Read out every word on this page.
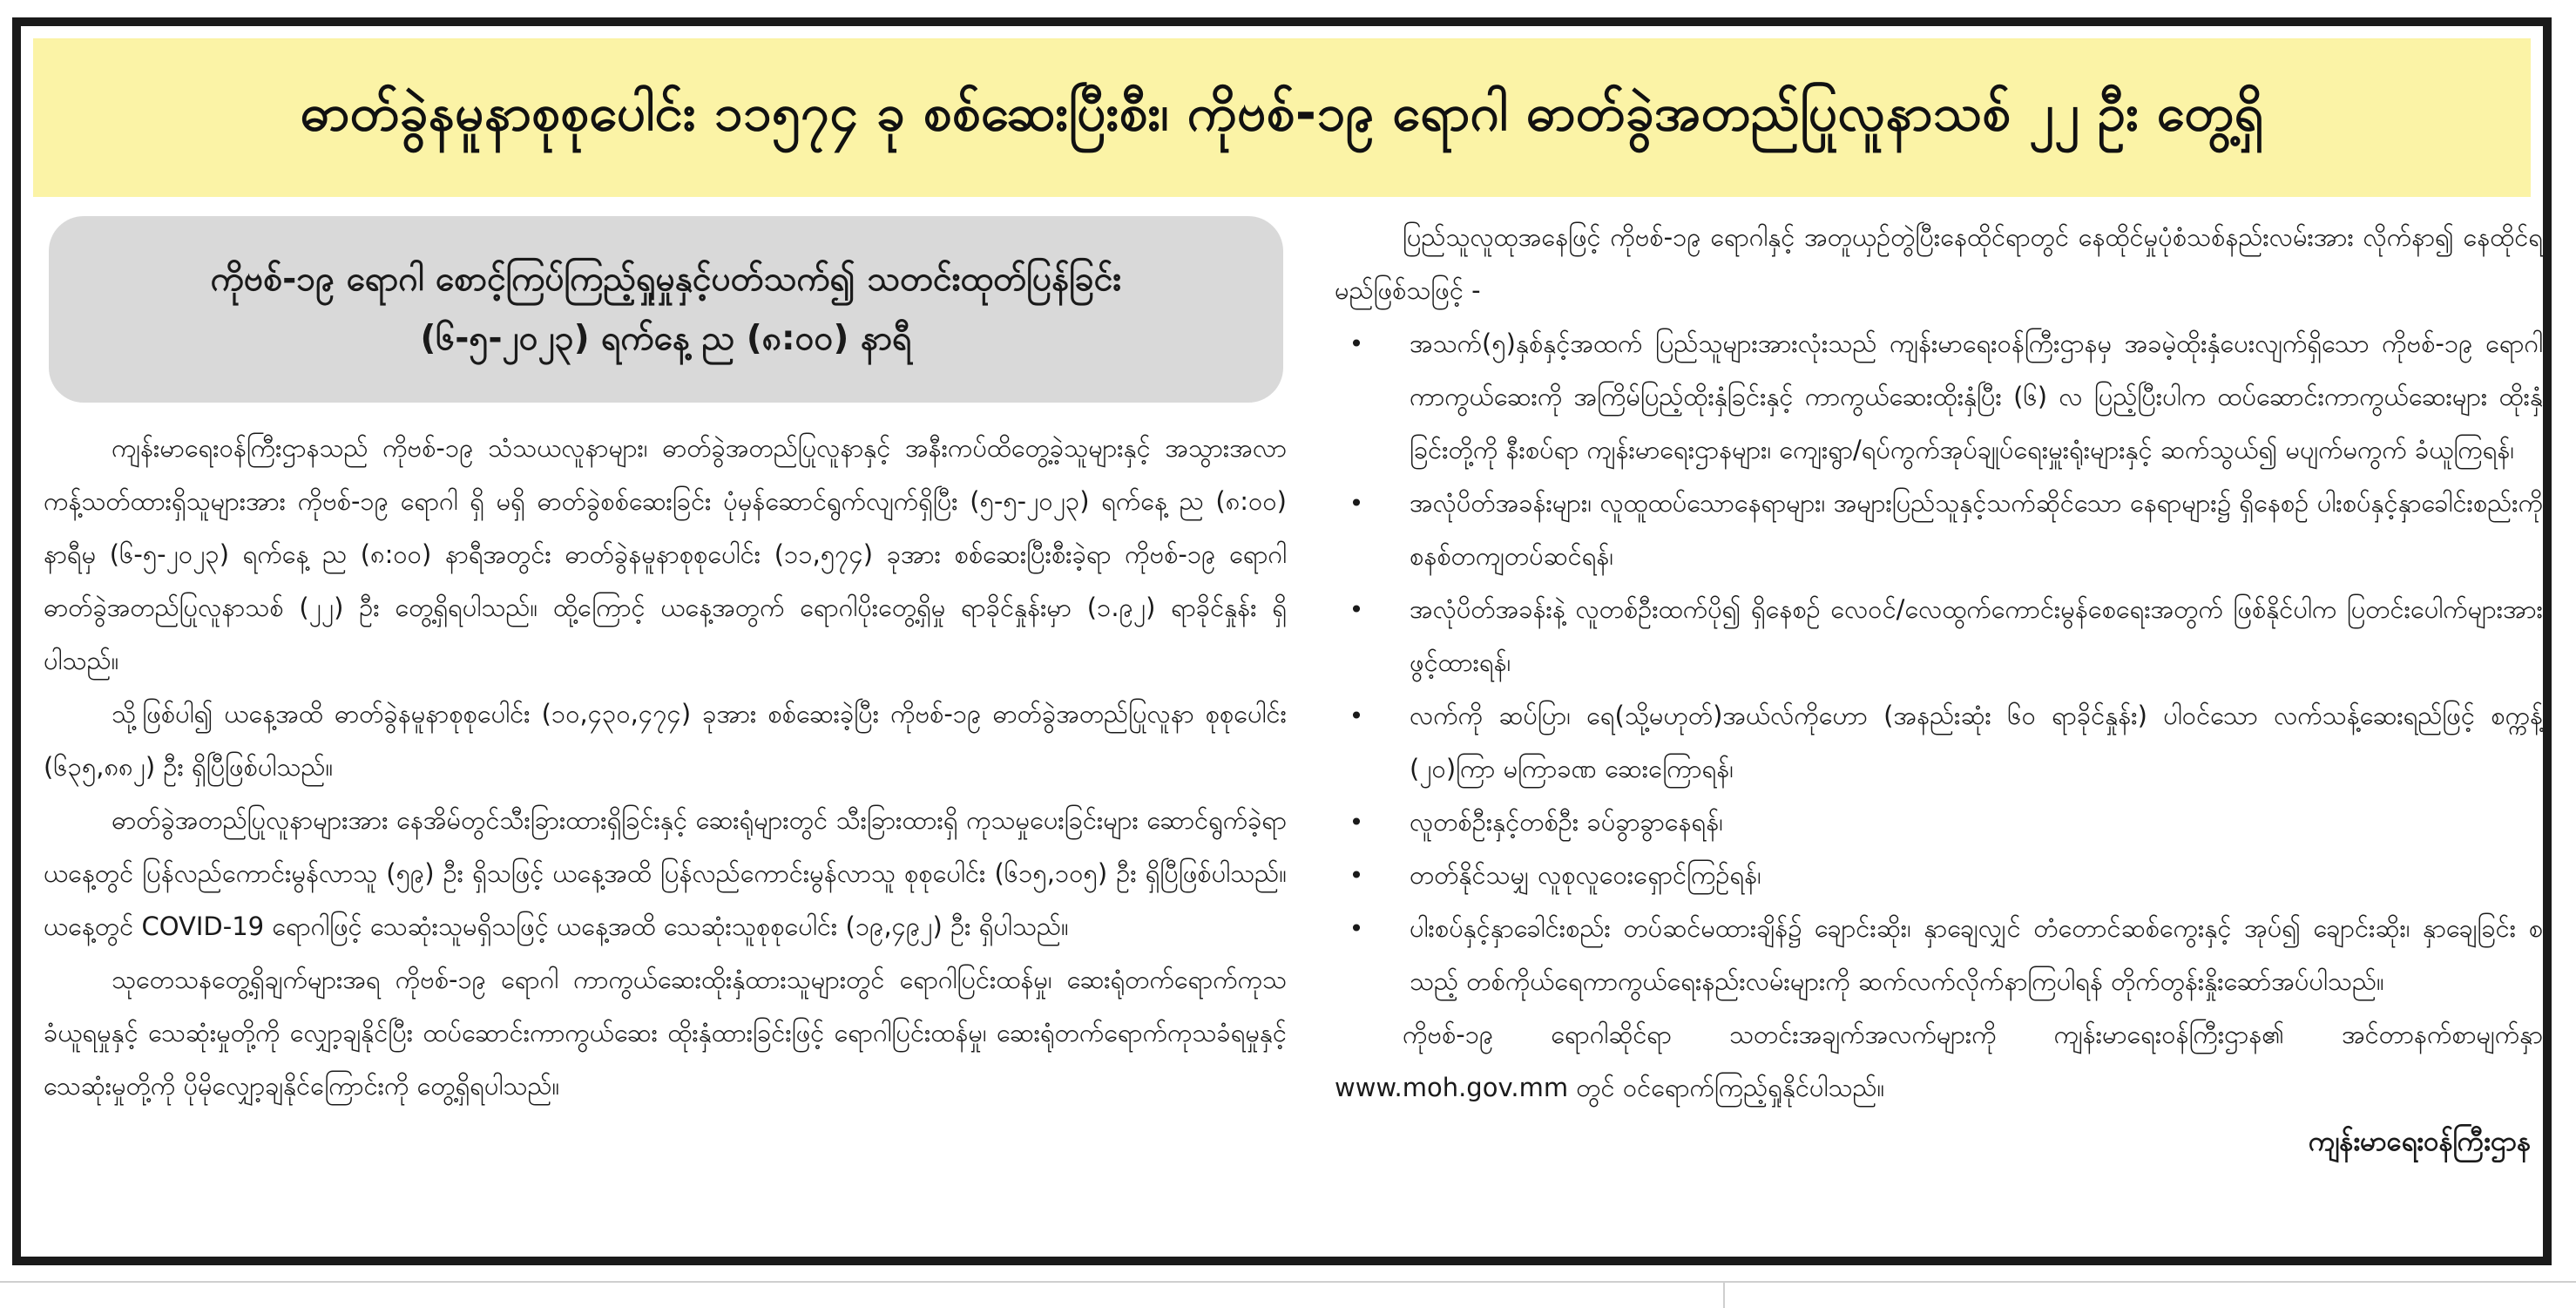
ဓာတ်ခွဲနမူနာစုစုပေါင်း ၁၁၅၇၄ ခု စစ်ဆေးပြီးစီး၊ ကိုဗစ်-၁၉ ရောဂါ ဓာတ်ခွဲအတည်ပြုလူနာသစ် ၂၂ ဦး တွေ့ရှိ
ကိုဗစ်-၁၉ ရောဂါ စောင့်ကြပ်ကြည့်ရှုမှုနှင့်ပတ်သက်၍ သတင်းထုတ်ပြန်ခြင်း
(၆-၅-၂၀၂၃) ရက်နေ့ ည (၈:၀၀) နာရီ

ကျန်းမာရေးဝန်ကြီးဌာနသည် ကိုဗစ်-၁၉ သံသယလူနာများ၊ ဓာတ်ခွဲအတည်ပြုလူနာနှင့် အနီးကပ်ထိတွေ့ခဲ့သူများနှင့် အသွားအလာကန့်သတ်ထားရှိသူများအား ကိုဗစ်-၁၉ ရောဂါ ရှိ မရှိ ဓာတ်ခွဲစစ်ဆေးခြင်း ပုံမှန်ဆောင်ရွက်လျက်ရှိပြီး (၅-၅-၂၀၂၃) ရက်နေ့ ည (၈:၀၀) နာရီမှ (၆-၅-၂၀၂၃) ရက်နေ့ ည (၈:၀၀) နာရီအတွင်း ဓာတ်ခွဲနမူနာစုစုပေါင်း (၁၁,၅၇၄) ခုအား စစ်ဆေးပြီးစီးခဲ့ရာ ကိုဗစ်-၁၉ ရောဂါ ဓာတ်ခွဲအတည်ပြုလူနာသစ် (၂၂) ဦး တွေ့ရှိရပါသည်။ ထို့ကြောင့် ယနေ့အတွက် ရောဂါပိုးတွေ့ရှိမှု ရာခိုင်နှုန်းမှာ (၁.၉၂) ရာခိုင်နှုန်း ရှိပါသည်။

သို့ဖြစ်ပါ၍ ယနေ့အထိ ဓာတ်ခွဲနမူနာစုစုပေါင်း (၁၀,၄၃၀,၄၇၄) ခုအား စစ်ဆေးခဲ့ပြီး ကိုဗစ်-၁၉ ဓာတ်ခွဲအတည်ပြုလူနာ စုစုပေါင်း (၆၃၅,၈၈၂) ဦး ရှိပြီဖြစ်ပါသည်။

ဓာတ်ခွဲအတည်ပြုလူနာများအား နေအိမ်တွင်သီးခြားထားရှိခြင်းနှင့် ဆေးရုံများတွင် သီးခြားထားရှိ ကုသမှုပေးခြင်းများ ဆောင်ရွက်ခဲ့ရာ ယနေ့တွင် ပြန်လည်ကောင်းမွန်လာသူ (၅၉) ဦး ရှိသဖြင့် ယနေ့အထိ ပြန်လည်ကောင်းမွန်လာသူ စုစုပေါင်း (၆၁၅,၁၀၅) ဦး ရှိပြီဖြစ်ပါသည်။ ယနေ့တွင် COVID-19 ရောဂါဖြင့် သေဆုံးသူမရှိသဖြင့် ယနေ့အထိ သေဆုံးသူစုစုပေါင်း (၁၉,၄၉၂) ဦး ရှိပါသည်။

သုတေသနတွေ့ရှိချက်များအရ ကိုဗစ်-၁၉ ရောဂါ ကာကွယ်ဆေးထိုးနှံထားသူများတွင် ရောဂါပြင်းထန်မှု၊ ဆေးရုံတက်ရောက်ကုသခံယူရမှုနှင့် သေဆုံးမှုတို့ကို လျှော့ချနိုင်ပြီး ထပ်ဆောင်းကာကွယ်ဆေး ထိုးနှံထားခြင်းဖြင့် ရောဂါပြင်းထန်မှု၊ ဆေးရုံတက်ရောက်ကုသခံရမှုနှင့် သေဆုံးမှုတို့ကို ပိုမိုလျှော့ချနိုင်ကြောင်းကို တွေ့ရှိရပါသည်။

ပြည်သူလူထုအနေဖြင့် ကိုဗစ်-၁၉ ရောဂါနှင့် အတူယှဉ်တွဲပြီးနေထိုင်ရာတွင် နေထိုင်မှုပုံစံသစ်နည်းလမ်းအား လိုက်နာ၍ နေထိုင်ရမည်ဖြစ်သဖြင့် -

•	အသက်(၅)နှစ်နှင့်အထက် ပြည်သူများအားလုံးသည် ကျန်းမာရေးဝန်ကြီးဌာနမှ အခမဲ့ထိုးနှံပေးလျက်ရှိသော ကိုဗစ်-၁၉ ရောဂါ ကာကွယ်ဆေးကို အကြိမ်ပြည့်ထိုးနှံခြင်းနှင့် ကာကွယ်ဆေးထိုးနှံပြီး (၆) လ ပြည့်ပြီးပါက ထပ်ဆောင်းကာကွယ်ဆေးများ ထိုးနှံခြင်းတို့ကို နီးစပ်ရာ ကျန်းမာရေးဌာနများ၊ ကျေးရွာ/ရပ်ကွက်အုပ်ချုပ်ရေးမှူးရုံးများနှင့် ဆက်သွယ်၍ မပျက်မကွက် ခံယူကြရန်၊
•	အလုံပိတ်အခန်းများ၊ လူထူထပ်သောနေရာများ၊ အများပြည်သူနှင့်သက်ဆိုင်သော နေရာများ၌ ရှိနေစဉ် ပါးစပ်နှင့်နှာခေါင်းစည်းကို စနစ်တကျတပ်ဆင်ရန်၊
•	အလုံပိတ်အခန်းနဲ့ လူတစ်ဦးထက်ပို၍ ရှိနေစဉ် လေဝင်/လေထွက်ကောင်းမွန်စေရေးအတွက် ဖြစ်နိုင်ပါက ပြတင်းပေါက်များအား ဖွင့်ထားရန်၊
•	လက်ကို ဆပ်ပြာ၊ ရေ(သို့မဟုတ်)အယ်လ်ကိုဟော (အနည်းဆုံး ၆၀ ရာခိုင်နှုန်း) ပါဝင်သော လက်သန့်ဆေးရည်ဖြင့် စက္ကန့် (၂၀)ကြာ မကြာခဏ ဆေးကြောရန်၊
•	လူတစ်ဦးနှင့်တစ်ဦး ခပ်ခွာခွာနေရန်၊
•	တတ်နိုင်သမျှ လူစုလူဝေးရှောင်ကြဉ်ရန်၊
•	ပါးစပ်နှင့်နှာခေါင်းစည်း တပ်ဆင်မထားချိန်၌ ချောင်းဆိုး၊ နှာချေလျှင် တံတောင်ဆစ်ကွေးနှင့် အုပ်၍ ချောင်းဆိုး၊ နှာချေခြင်း စသည့် တစ်ကိုယ်ရေကာကွယ်ရေးနည်းလမ်းများကို ဆက်လက်လိုက်နာကြပါရန် တိုက်တွန်းနှိုးဆော်အပ်ပါသည်။

ကိုဗစ်-၁၉ ရောဂါဆိုင်ရာ သတင်းအချက်အလက်များကို ကျန်းမာရေးဝန်ကြီးဌာန၏ အင်တာနက်စာမျက်နှာ www.moh.gov.mm တွင် ဝင်ရောက်ကြည့်ရှုနိုင်ပါသည်။

ကျန်းမာရေးဝန်ကြီးဌာန
